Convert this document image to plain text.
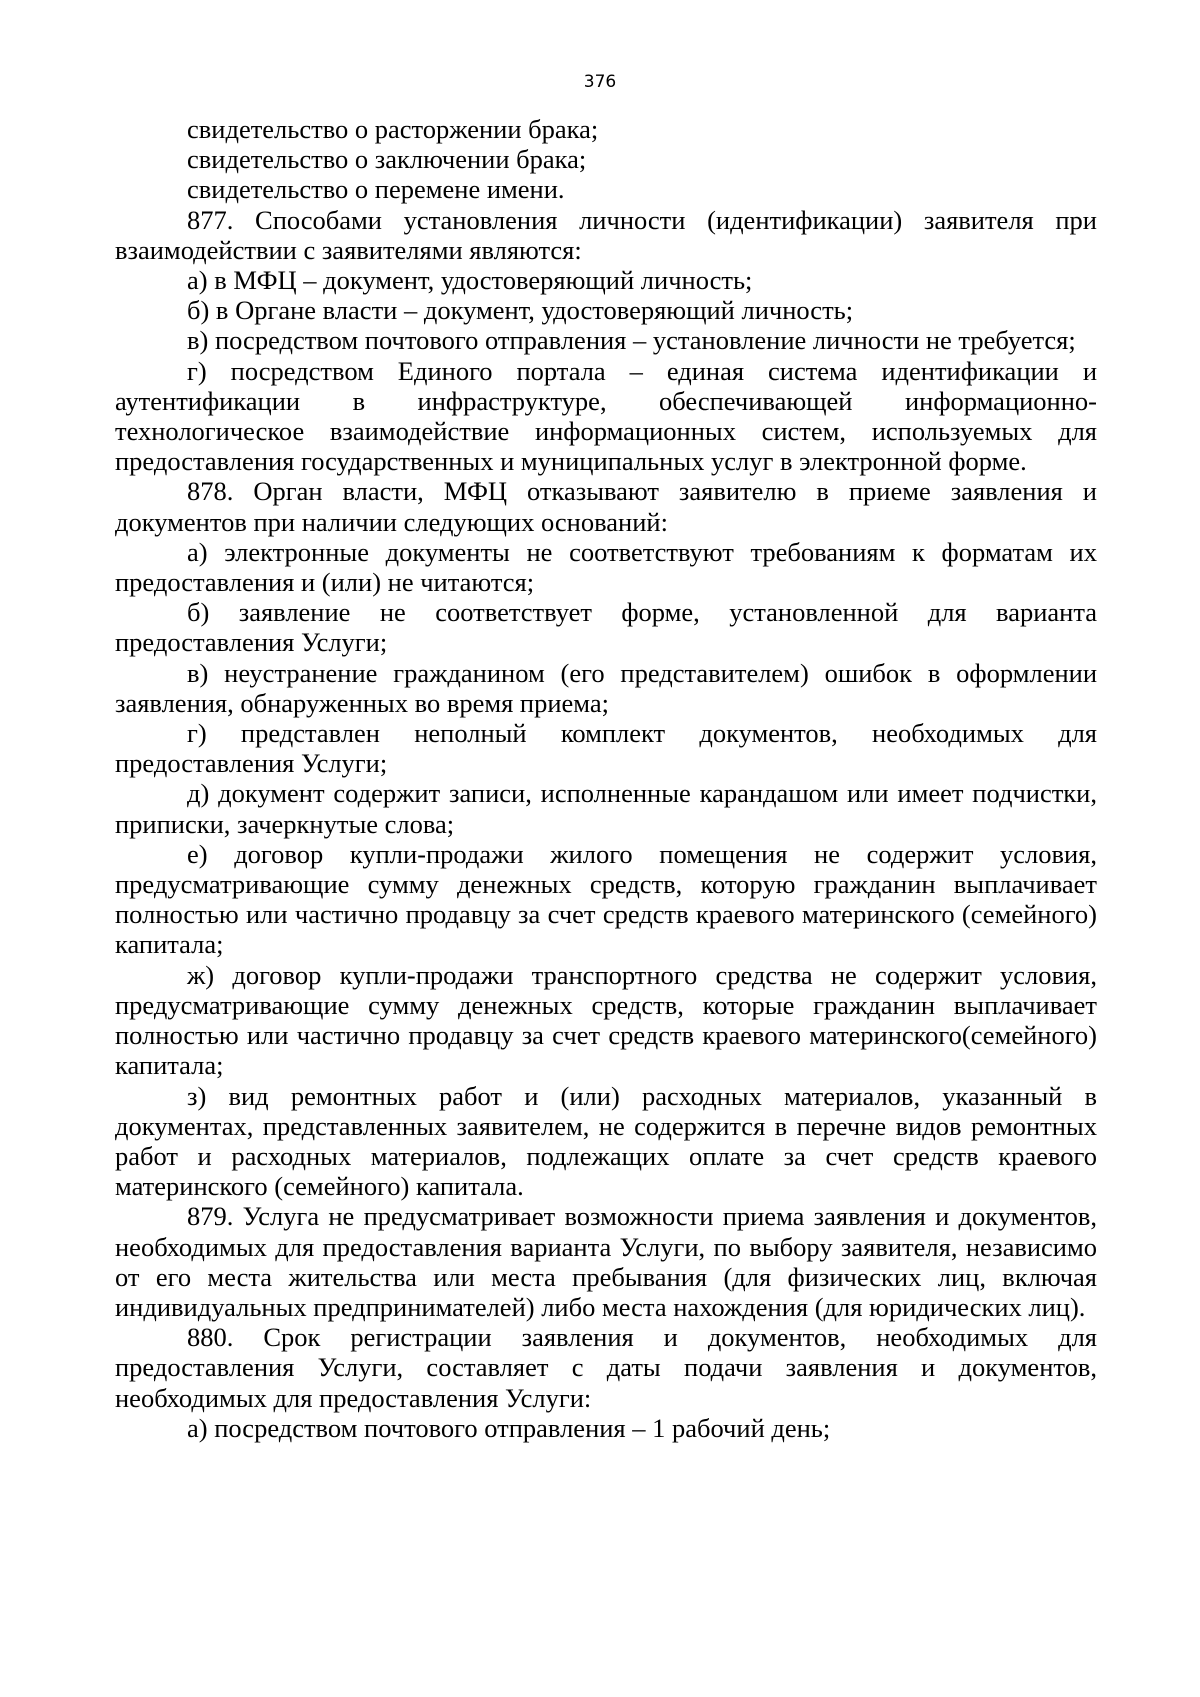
376

свидетельство о расторжении брака;

свидетельство о заключении брака;

свидетельство о перемене имени.

877. Способами установления личности (идентификации) заявителя при взаимодействии с заявителями являются:

а) в МФЦ – документ, удостоверяющий личность;

б) в Органе власти – документ, удостоверяющий личность;

в) посредством почтового отправления – установление личности не требуется;

г) посредством Единого портала – единая система идентификации и аутентификации в инфраструктуре, обеспечивающей информационно-технологическое взаимодействие информационных систем, используемых для предоставления государственных и муниципальных услуг в электронной форме.

878. Орган власти, МФЦ отказывают заявителю в приеме заявления и документов при наличии следующих оснований:

а) электронные документы не соответствуют требованиям к форматам их предоставления и (или) не читаются;

б) заявление не соответствует форме, установленной для варианта предоставления Услуги;

в) неустранение гражданином (его представителем) ошибок в оформлении заявления, обнаруженных во время приема;

г) представлен неполный комплект документов, необходимых для предоставления Услуги;

д) документ содержит записи, исполненные карандашом или имеет подчистки, приписки, зачеркнутые слова;

е) договор купли-продажи жилого помещения не содержит условия, предусматривающие сумму денежных средств, которую гражданин выплачивает полностью или частично продавцу за счет средств краевого материнского (семейного) капитала;

ж) договор купли-продажи транспортного средства не содержит условия, предусматривающие сумму денежных средств, которые гражданин выплачивает полностью или частично продавцу за счет средств краевого материнского(семейного) капитала;

з) вид ремонтных работ и (или) расходных материалов, указанный в документах, представленных заявителем, не содержится в перечне видов ремонтных работ и расходных материалов, подлежащих оплате за счет средств краевого материнского (семейного) капитала.

879. Услуга не предусматривает возможности приема заявления и документов, необходимых для предоставления варианта Услуги, по выбору заявителя, независимо от его места жительства или места пребывания (для физических лиц, включая индивидуальных предпринимателей) либо места нахождения (для юридических лиц).

880. Срок регистрации заявления и документов, необходимых для предоставления Услуги, составляет с даты подачи заявления и документов, необходимых для предоставления Услуги:

а) посредством почтового отправления – 1 рабочий день;
